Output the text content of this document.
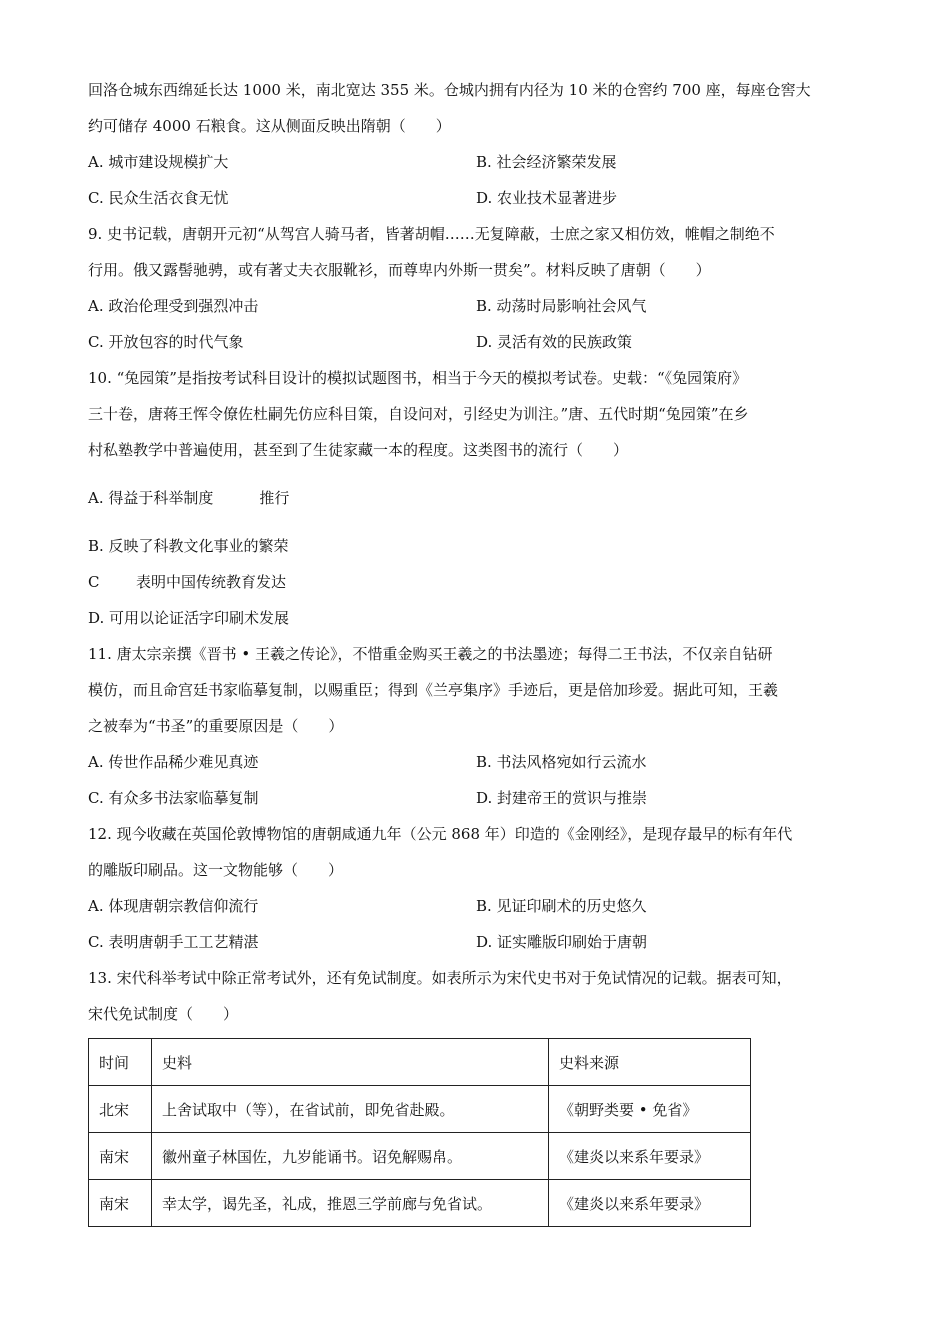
回洛仓城东西绵延长达 1000 米，南北宽达 355 米。仓城内拥有内径为 10 米的仓窖约 700 座，每座仓窖大
约可储存 4000 石粮食。这从侧面反映出隋朝（　　）
A. 城市建设规模扩大	B. 社会经济繁荣发展
C. 民众生活衣食无忧	D. 农业技术显著进步
9. 史书记载，唐朝开元初“从驾宫人骑马者，皆著胡帽……无复障蔽，士庶之家又相仿效，帷帽之制绝不
行用。俄又露髻驰骋，或有著丈夫衣服靴衫，而尊卑内外斯一贯矣”。材料反映了唐朝（　　）
A. 政治伦理受到强烈冲击	B. 动荡时局影响社会风气
C. 开放包容的时代气象	D. 灵活有效的民族政策
10. “兔园策”是指按考试科目设计的模拟试题图书，相当于今天的模拟考试卷。史载：“《兔园策府》
三十卷，唐蒋王恽令僚佐杜嗣先仿应科目策，自设问对，引经史为训注。”唐、五代时期“兔园策”在乡
村私塾教学中普遍使用，甚至到了生徒家藏一本的程度。这类图书的流行（　　）
A. 得益于科举制度	推行
B. 反映了科教文化事业的繁荣
C 表明中国传统教育发达
D. 可用以论证活字印刷术发展
11. 唐太宗亲撰《晋书 • 王羲之传论》，不惜重金购买王羲之的书法墨迹；每得二王书法，不仅亲自钻研
模仿，而且命宫廷书家临摹复制，以赐重臣；得到《兰亭集序》手迹后，更是倍加珍爱。据此可知，王羲
之被奉为“书圣”的重要原因是（　　）
A. 传世作品稀少难见真迹	B. 书法风格宛如行云流水
C. 有众多书法家临摹复制	D. 封建帝王的赏识与推崇
12. 现今收藏在英国伦敦博物馆的唐朝咸通九年（公元 868 年）印造的《金刚经》，是现存最早的标有年代
的雕版印刷品。这一文物能够（　　）
A. 体现唐朝宗教信仰流行	B. 见证印刷术的历史悠久
C. 表明唐朝手工工艺精湛	D. 证实雕版印刷始于唐朝
13. 宋代科举考试中除正常考试外，还有免试制度。如表所示为宋代史书对于免试情况的记载。据表可知，
宋代免试制度（　　）
时间	史料	史料来源
北宋	上舍试取中（等），在省试前，即免省赴殿。	《朝野类要 • 免省》
南宋	徽州童子林国佐，九岁能诵书。诏免解赐帛。	《建炎以来系年要录》
南宋	幸太学，谒先圣，礼成，推恩三学前廊与免省试。	《建炎以来系年要录》
